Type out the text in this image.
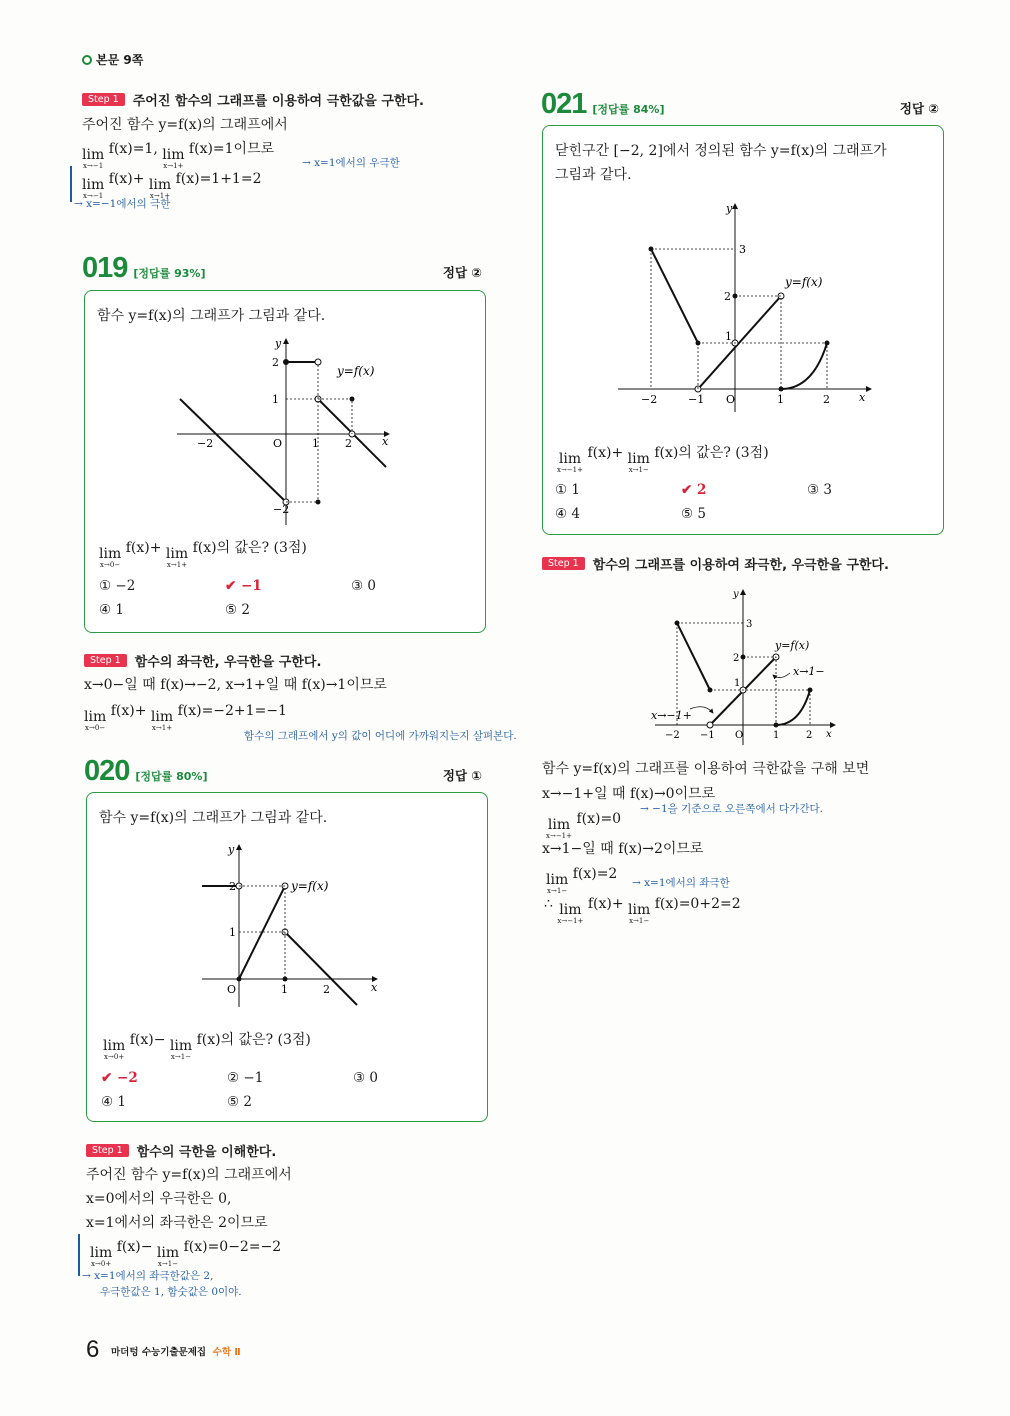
본문 9쪽
Step 1	주어진 함수의 그래프를 이용하여 극한값을 구한다.
주어진 함수 y=f(x)의 그래프에서
lim
x→−1
f(x)=1, lim
x→1+
f(x)=1이므로
→ x=1에서의 우극한
lim
x→−1
f(x)+ lim
x→1+
f(x)=1+1=2
→ x=−1에서의 극한
019 [정답률 93%]	정답 ②
함수 y=f(x)의 그래프가 그림과 같다.
2
1
−2
−2	O	1 2	x
y
y=f(x)
lim
x→0−
f(x)+ lim
x→1+
f(x)의 값은? (3점)
① −2	✔ −1	③ 0
④ 1	⑤ 2
Step 1	함수의 좌극한, 우극한을 구한다.
x→0−일 때 f(x)→−2, x→1+일 때 f(x)→1이므로
lim
x→0−
f(x)+ lim
x→1+
f(x)=−2+1=−1
함수의 그래프에서 y의 값이 어디에 가까워지는지 살펴본다.
020 [정답률 80%]	정답 ①
함수 y=f(x)의 그래프가 그림과 같다.
2
1
O	1	2	x
y
y=f(x)
lim
x→0+
f(x)− lim
x→1−
f(x)의 값은? (3점)
✔ −2	② −1	③ 0
④ 1	⑤ 2
Step 1	함수의 극한을 이해한다.
주어진 함수 y=f(x)의 그래프에서
x=0에서의 우극한은 0,
x=1에서의 좌극한은 2이므로
lim
x→0+
f(x)− lim
x→1−
f(x)=0−2=−2
→ x=1에서의 좌극한값은 2,
우극한값은 1, 함숫값은 0이야.
021 [정답률 84%]	정답 ②
닫힌구간 [−2, 2]에서 정의된 함수 y=f(x)의 그래프가
그림과 같다.
3
2
1
−2	−1 O	1	2	x
y
y=f(x)
lim
x→−1+
f(x)+ lim
x→1−
f(x)의 값은? (3점)
① 1	✔ 2	③ 3
④ 4	⑤ 5
Step 1	함수의 그래프를 이용하여 좌극한, 우극한을 구한다.
3
2
1
−2 −1 O	1	2 x
y
y=f(x)
x→1−
x→−1+
함수 y=f(x)의 그래프를 이용하여 극한값을 구해 보면
x→−1+일 때 f(x)→0이므로
→ −1을 기준으로 오른쪽에서 다가간다.
lim
x→−1+
f(x)=0
x→1−일 때 f(x)→2이므로
lim
x→1−
f(x)=2
→ x=1에서의 좌극한
∴ lim
x→−1+
f(x)+ lim
x→1−
f(x)=0+2=2
6 마더텅 수능기출문제집 수학 Ⅱ
